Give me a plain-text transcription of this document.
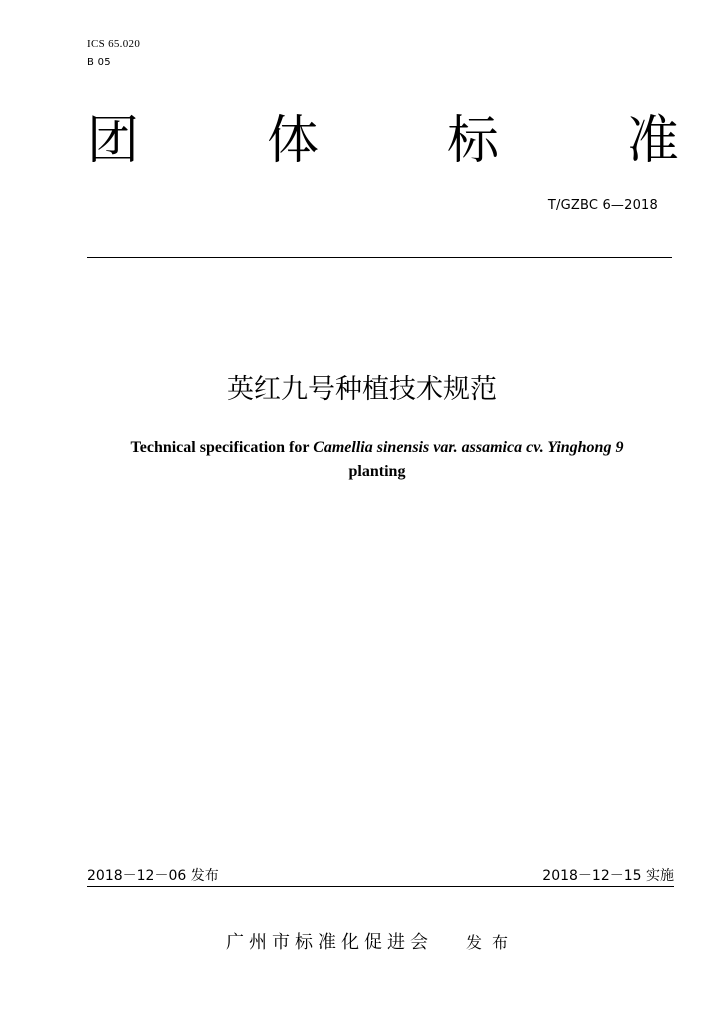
ICS 65.020
B 05
团 体 标 准
T/GZBC 6—2018
英红九号种植技术规范
Technical specification for Camellia sinensis var. assamica cv. Yinghong 9
planting
2018－12－06 发布	2018－12－15 实施
广州市标准化促进会 发布
